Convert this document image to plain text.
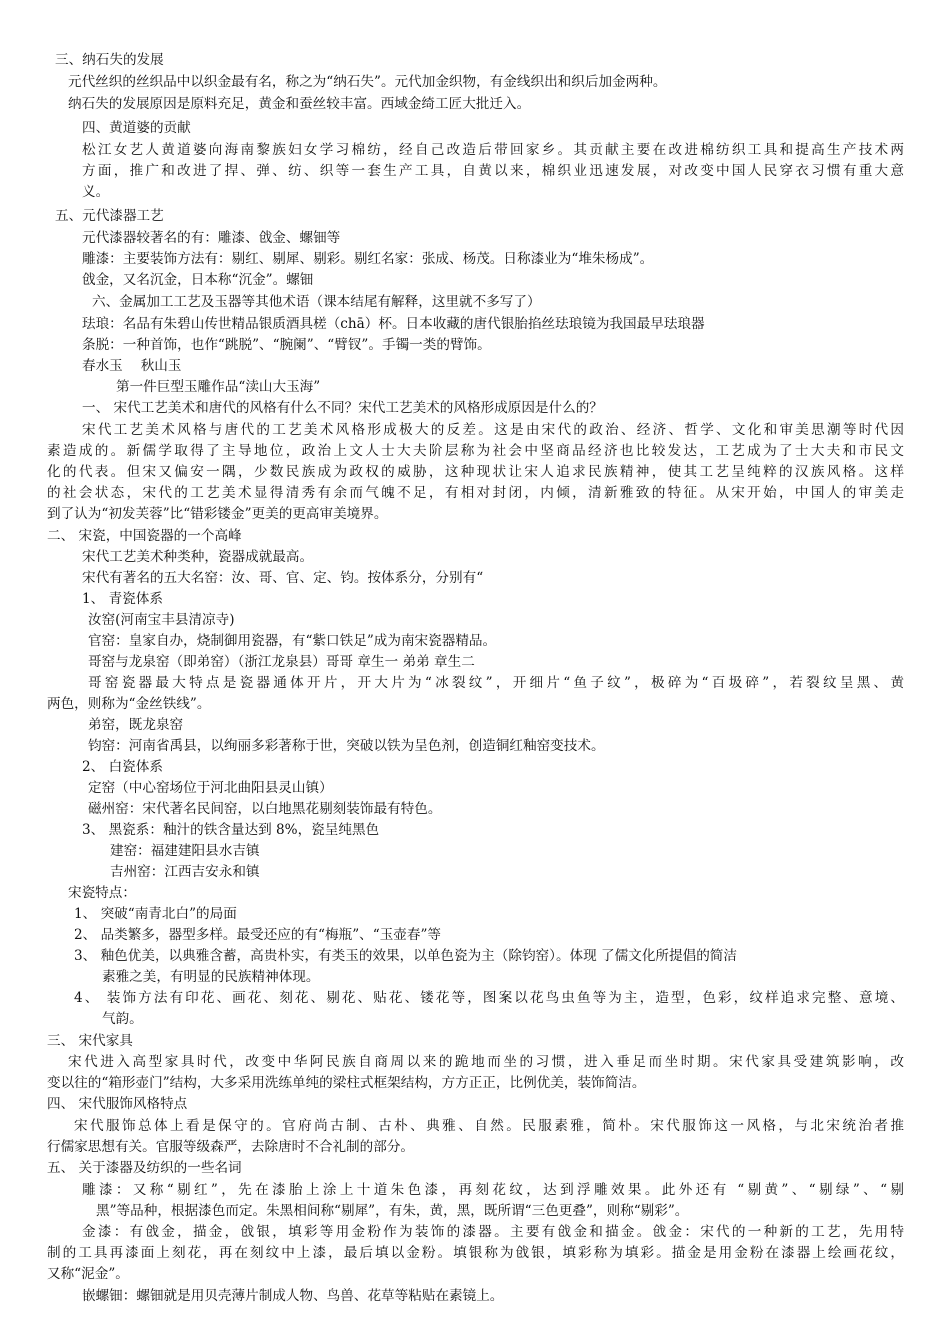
三、纳石失的发展
元代丝织的丝织品中以织金最有名，称之为“纳石失”。元代加金织物，有金线织出和织后加金两种。
纳石失的发展原因是原料充足，黄金和蚕丝较丰富。西域金绮工匠大批迁入。
四、黄道婆的贡献
松江女艺人黄道婆向海南黎族妇女学习棉纺，经自己改造后带回家乡。其贡献主要在改进棉纺织工具和提高生产技术两
方面，推广和改进了捍、弹、纺、织等一套生产工具，自黄以来，棉织业迅速发展，对改变中国人民穿衣习惯有重大意
义。
五、元代漆器工艺
元代漆器较著名的有：雕漆、戗金、螺钿等
雕漆：主要装饰方法有：剔红、剔犀、剔彩。剔红名家：张成、杨茂。日称漆业为“堆朱杨成”。
戗金，又名沉金，日本称“沉金”。螺钿
六、金属加工工艺及玉器等其他术语（课本结尾有解释，这里就不多写了）
珐琅：名品有朱碧山传世精品银质酒具槎（chā）杯。日本收藏的唐代银胎掐丝珐琅镜为我国最早珐琅器
条脱：一种首饰，也作“跳脱”、“腕阑”、“臂钗”。手镯一类的臂饰。
春水玉　 秋山玉
第一件巨型玉雕作品“渎山大玉海”
一、 宋代工艺美术和唐代的风格有什么不同？宋代工艺美术的风格形成原因是什么的？
宋代工艺美术风格与唐代的工艺美术风格形成极大的反差。这是由宋代的政治、经济、哲学、文化和审美思潮等时代因
素造成的。新儒学取得了主导地位，政治上文人士大夫阶层称为社会中坚商品经济也比较发达，工艺成为了士大夫和市民文
化的代表。但宋又偏安一隅，少数民族成为政权的威胁，这种现状让宋人追求民族精神，使其工艺呈纯粹的汉族风格。这样
的社会状态，宋代的工艺美术显得清秀有余而气魄不足，有相对封闭，内倾，清新雅致的特征。从宋开始，中国人的审美走
到了认为“初发芙蓉”比“错彩镂金”更美的更高审美境界。
二、 宋瓷，中国瓷器的一个高峰
宋代工艺美术种类种，瓷器成就最高。
宋代有著名的五大名窑：汝、哥、官、定、钧。按体系分，分别有“
1、 青瓷体系
汝窑(河南宝丰县清凉寺)
官窑：皇家自办，烧制御用瓷器，有“紫口铁足”成为南宋瓷器精品。
哥窑与龙泉窑（即弟窑）（浙江龙泉县）哥哥 章生一 弟弟 章生二
哥窑瓷器最大特点是瓷器通体开片，开大片为“冰裂纹”，开细片“鱼子纹”，极碎为“百圾碎”，若裂纹呈黑、黄
两色，则称为“金丝铁线”。
弟窑，既龙泉窑
钧窑：河南省禹县，以绚丽多彩著称于世，突破以铁为呈色剂，创造铜红釉窑变技术。
2、 白瓷体系
定窑（中心窑场位于河北曲阳县灵山镇）
磁州窑：宋代著名民间窑，以白地黑花剔刻装饰最有特色。
3、 黑瓷系：釉汁的铁含量达到 8%，瓷呈纯黑色
建窑：福建建阳县水吉镇
吉州窑：江西吉安永和镇
宋瓷特点：
1、 突破“南青北白”的局面
2、 品类繁多，器型多样。最受还应的有“梅瓶”、“玉壶春”等
3、 釉色优美，以典雅含蓄，高贵朴实，有类玉的效果，以单色瓷为主（除钧窑）。体现 了儒文化所提倡的简洁
素雅之美，有明显的民族精神体现。
4、 装饰方法有印花、画花、刻花、剔花、贴花、镂花等，图案以花鸟虫鱼等为主，造型，色彩，纹样追求完整、意境、
气韵。
三、 宋代家具
宋代进入高型家具时代，改变中华阿民族自商周以来的跪地而坐的习惯，进入垂足而坐时期。宋代家具受建筑影响，改
变以往的“箱形壶门”结构，大多采用洗练单纯的梁柱式框架结构，方方正正，比例优美，装饰简洁。
四、 宋代服饰风格特点
宋代服饰总体上看是保守的。官府尚古制、古朴、典雅、自然。民服素雅，简朴。宋代服饰这一风格，与北宋统治者推
行儒家思想有关。官服等级森严，去除唐时不合礼制的部分。
五、 关于漆器及纺织的一些名词
雕漆：又称“剔红”，先在漆胎上涂上十道朱色漆，再刻花纹，达到浮雕效果。此外还有 “剔黄”、“剔绿”、“剔
黑”等品种，根据漆色而定。朱黑相间称“剔犀”，有朱，黄，黑，既所谓“三色更叠”，则称“剔彩”。
金漆：有戗金，描金，戗银，填彩等用金粉作为装饰的漆器。主要有戗金和描金。戗金：宋代的一种新的工艺，先用特
制的工具再漆面上刻花，再在刻纹中上漆，最后填以金粉。填银称为戗银，填彩称为填彩。描金是用金粉在漆器上绘画花纹，
又称“泥金”。
嵌螺钿：螺钿就是用贝壳薄片制成人物、鸟兽、花草等粘贴在素镜上。
